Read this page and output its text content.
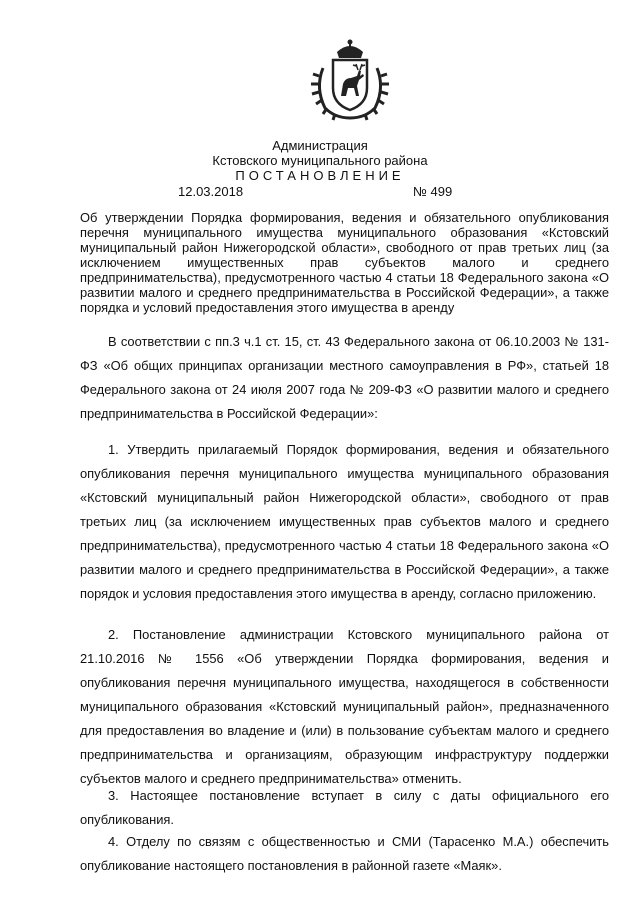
Администрация
Кстовского муниципального района
ПОСТАНОВЛЕНИЕ
12.03.2018	№ 499
Об утверждении Порядка формирования, ведения и обязательного опубликования перечня муниципального имущества муниципального образования «Кстовский муниципальный район Нижегородской области», свободного от прав третьих лиц (за исключением имущественных прав субъектов малого и среднего предпринимательства), предусмотренного частью 4 статьи 18 Федерального закона «О развитии малого и среднего предпринимательства в Российской Федерации», а также порядка и условий предоставления этого имущества в аренду

В соответствии с пп.3 ч.1 ст. 15, ст. 43 Федерального закона от 06.10.2003 № 131-ФЗ «Об общих принципах организации местного самоуправления в РФ», статьей 18 Федерального закона от 24 июля 2007 года № 209-ФЗ «О развитии малого и среднего предпринимательства в Российской Федерации»:

1. Утвердить прилагаемый Порядок формирования, ведения и обязательного опубликования перечня муниципального имущества муниципального образования «Кстовский муниципальный район Нижегородской области», свободного от прав третьих лиц (за исключением имущественных прав субъектов малого и среднего предпринимательства), предусмотренного частью 4 статьи 18 Федерального закона «О развитии малого и среднего предпринимательства в Российской Федерации», а также порядок и условия предоставления этого имущества в аренду, согласно приложению.

2. Постановление администрации Кстовского муниципального района от 21.10.2016 № 1556 «Об утверждении Порядка формирования, ведения и опубликования перечня муниципального имущества, находящегося в собственности муниципального образования «Кстовский муниципальный район», предназначенного для предоставления во владение и (или) в пользование субъектам малого и среднего предпринимательства и организациям, образующим инфраструктуру поддержки субъектов малого и среднего предпринимательства» отменить.

3. Настоящее постановление вступает в силу с даты официального его опубликования.

4. Отделу по связям с общественностью и СМИ (Тарасенко М.А.) обеспечить опубликование настоящего постановления в районной газете «Маяк».
